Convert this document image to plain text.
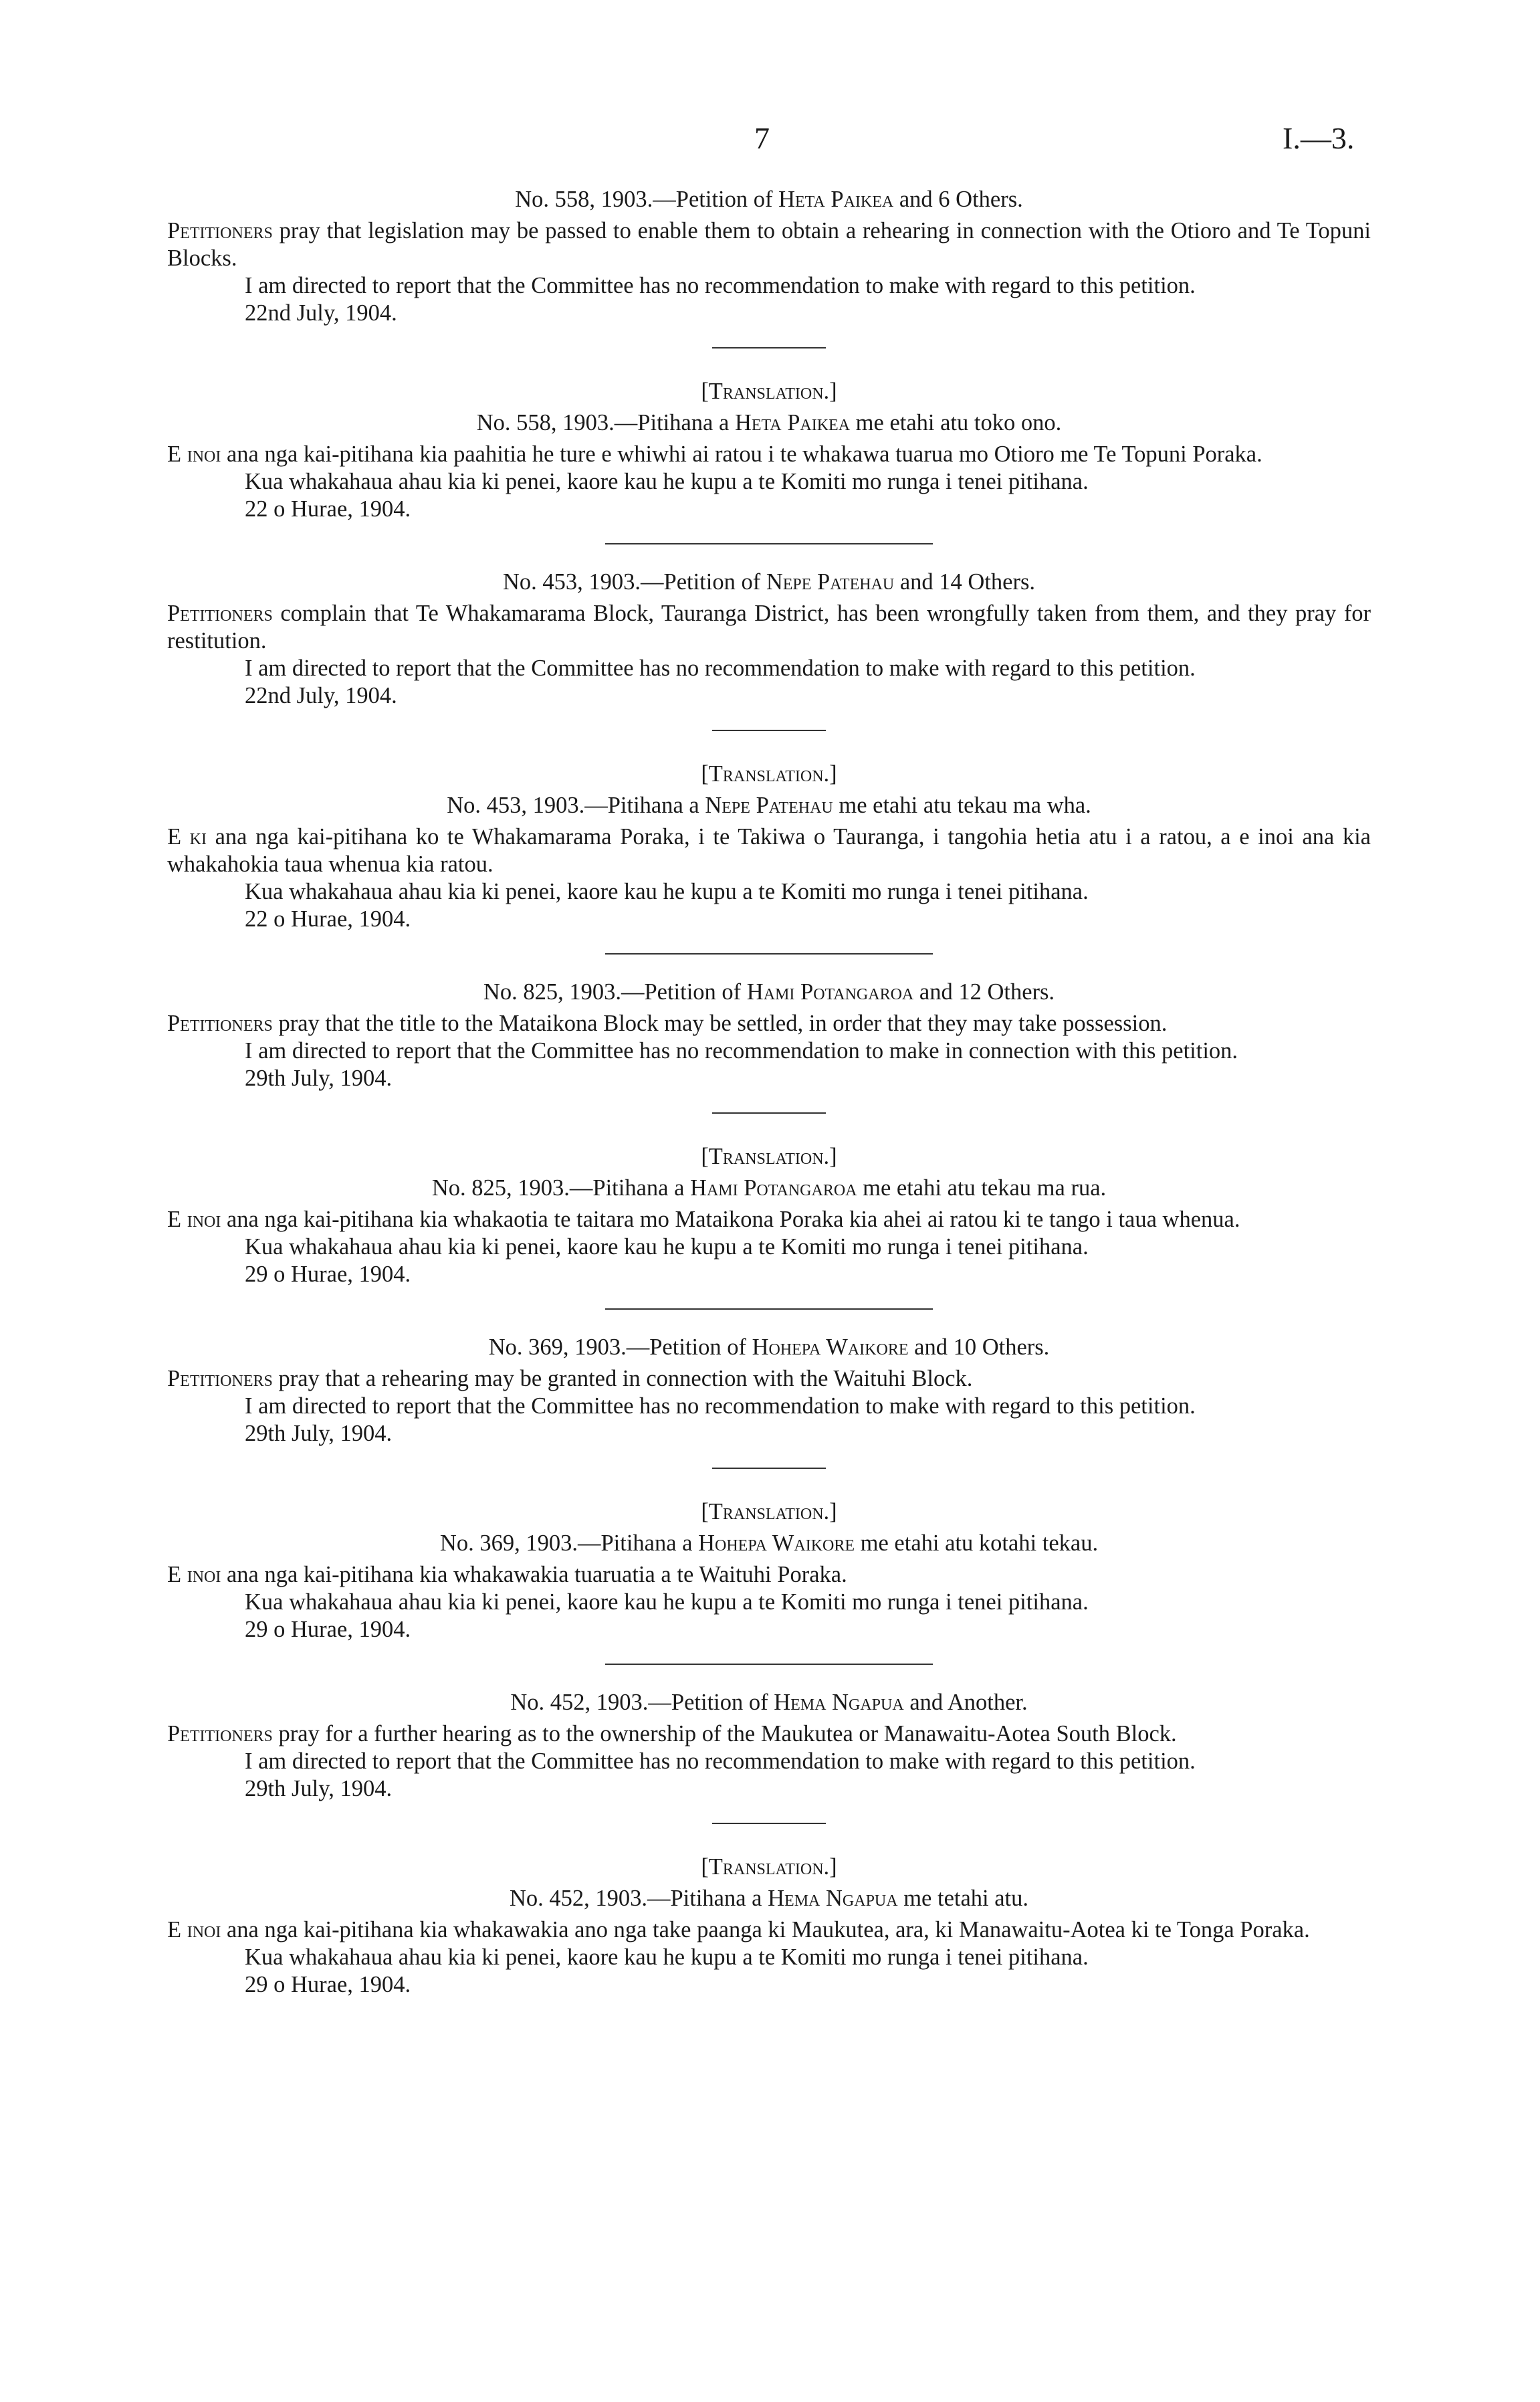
7	I.—3.
No. 558, 1903.—Petition of Heta Paikea and 6 Others.

Petitioners pray that legislation may be passed to enable them to obtain a rehearing in connection with the Otioro and Te Topuni Blocks.

I am directed to report that the Committee has no recommendation to make with regard to this petition.

22nd July, 1904.

[Translation.]
No. 558, 1903.—Pitihana a Heta Paikea me etahi atu toko ono.

E inoi ana nga kai-pitihana kia paahitia he ture e whiwhi ai ratou i te whakawa tuarua mo Otioro me Te Topuni Poraka.

Kua whakahaua ahau kia ki penei, kaore kau he kupu a te Komiti mo runga i tenei pitihana.

22 o Hurae, 1904.

No. 453, 1903.—Petition of Nepe Patehau and 14 Others.

Petitioners complain that Te Whakamarama Block, Tauranga District, has been wrongfully taken from them, and they pray for restitution.

I am directed to report that the Committee has no recommendation to make with regard to this petition.

22nd July, 1904.

[Translation.]
No. 453, 1903.—Pitihana a Nepe Patehau me etahi atu tekau ma wha.

E ki ana nga kai-pitihana ko te Whakamarama Poraka, i te Takiwa o Tauranga, i tangohia hetia atu i a ratou, a e inoi ana kia whakahokia taua whenua kia ratou.

Kua whakahaua ahau kia ki penei, kaore kau he kupu a te Komiti mo runga i tenei pitihana.

22 o Hurae, 1904.

No. 825, 1903.—Petition of Hami Potangaroa and 12 Others.

Petitioners pray that the title to the Mataikona Block may be settled, in order that they may take possession.

I am directed to report that the Committee has no recommendation to make in connection with this petition.

29th July, 1904.

[Translation.]
No. 825, 1903.—Pitihana a Hami Potangaroa me etahi atu tekau ma rua.

E inoi ana nga kai-pitihana kia whakaotia te taitara mo Mataikona Poraka kia ahei ai ratou ki te tango i taua whenua.

Kua whakahaua ahau kia ki penei, kaore kau he kupu a te Komiti mo runga i tenei pitihana.

29 o Hurae, 1904.

No. 369, 1903.—Petition of Hohepa Waikore and 10 Others.

Petitioners pray that a rehearing may be granted in connection with the Waituhi Block.

I am directed to report that the Committee has no recommendation to make with regard to this petition.

29th July, 1904.

[Translation.]
No. 369, 1903.—Pitihana a Hohepa Waikore me etahi atu kotahi tekau.

E inoi ana nga kai-pitihana kia whakawakia tuaruatia a te Waituhi Poraka.

Kua whakahaua ahau kia ki penei, kaore kau he kupu a te Komiti mo runga i tenei pitihana.

29 o Hurae, 1904.

No. 452, 1903.—Petition of Hema Ngapua and Another.

Petitioners pray for a further hearing as to the ownership of the Maukutea or Manawaitu-Aotea South Block.

I am directed to report that the Committee has no recommendation to make with regard to this petition.

29th July, 1904.

[Translation.]
No. 452, 1903.—Pitihana a Hema Ngapua me tetahi atu.

E inoi ana nga kai-pitihana kia whakawakia ano nga take paanga ki Maukutea, ara, ki Manawaitu-Aotea ki te Tonga Poraka.

Kua whakahaua ahau kia ki penei, kaore kau he kupu a te Komiti mo runga i tenei pitihana.

29 o Hurae, 1904.
